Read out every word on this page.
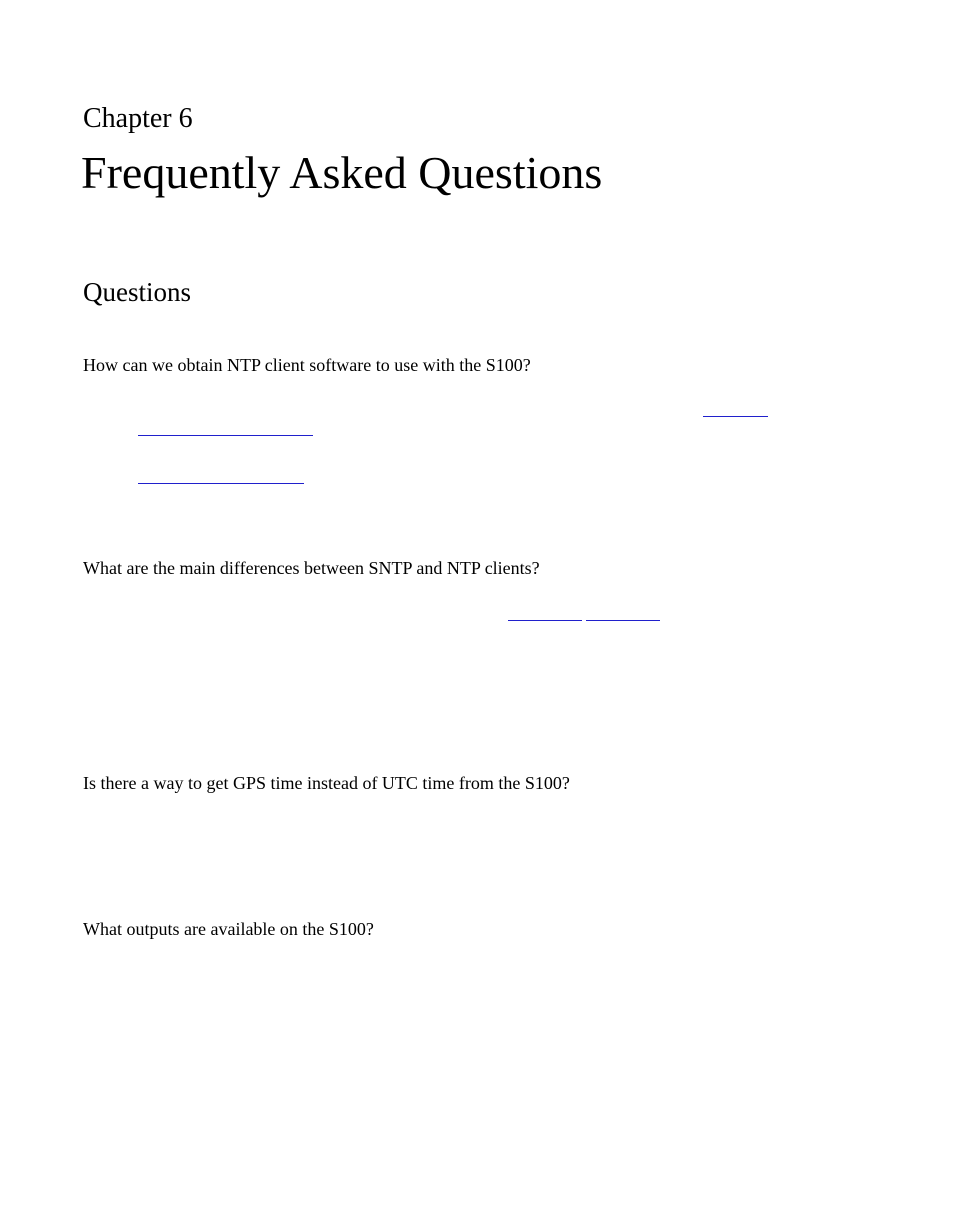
Chapter 6
Frequently Asked Questions
Questions
How can we obtain NTP client software to use with the S100?
What are the main differences between SNTP and NTP clients?
Is there a way to get GPS time instead of UTC time from the S100?
What outputs are available on the S100?
